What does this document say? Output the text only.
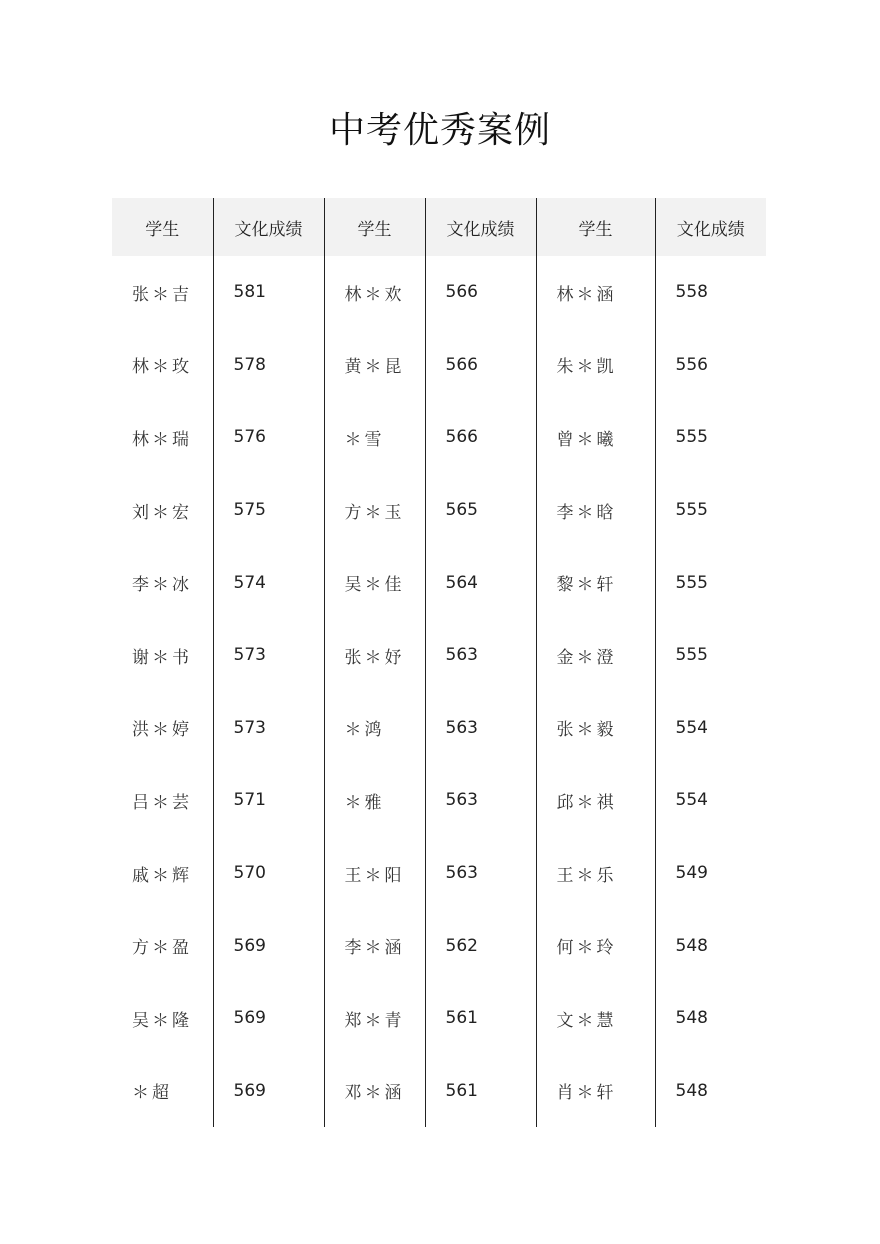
中考优秀案例
学生	文化成绩	学生	文化成绩	学生	文化成绩
张＊吉	581	林＊欢	566	林＊涵	558
林＊玫	578	黄＊昆	566	朱＊凯	556
林＊瑞	576	＊雪	566	曾＊曦	555
刘＊宏	575	方＊玉	565	李＊晗	555
李＊冰	574	吴＊佳	564	黎＊轩	555
谢＊书	573	张＊妤	563	金＊澄	555
洪＊婷	573	＊鸿	563	张＊毅	554
吕＊芸	571	＊雅	563	邱＊祺	554
戚＊辉	570	王＊阳	563	王＊乐	549
方＊盈	569	李＊涵	562	何＊玲	548
吴＊隆	569	郑＊青	561	文＊慧	548
＊超	569	邓＊涵	561	肖＊轩	548
